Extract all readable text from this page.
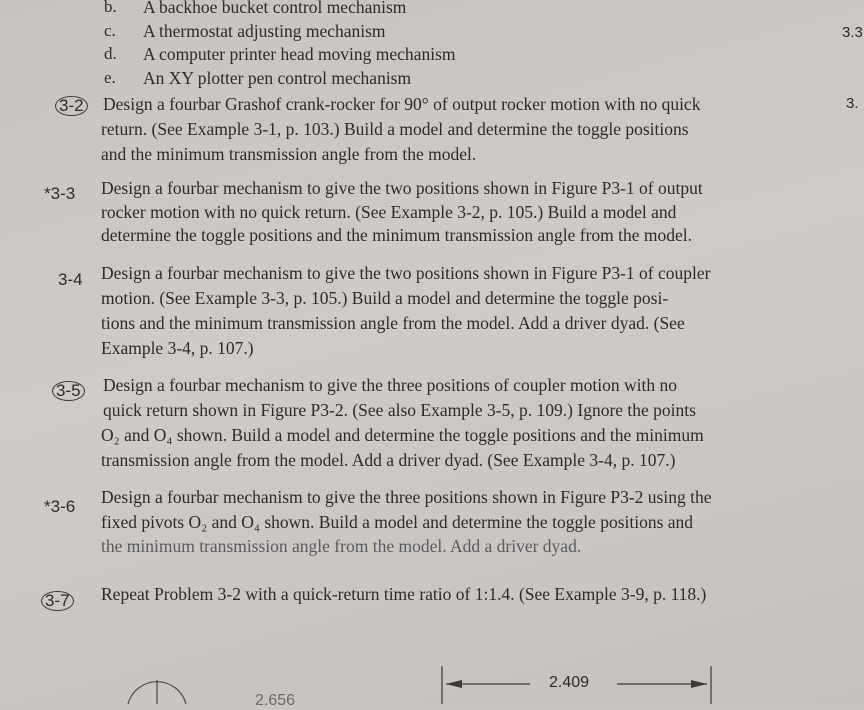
b. A backhoe bucket control mechanism
c. A thermostat adjusting mechanism
d. A computer printer head moving mechanism
e. An XY plotter pen control mechanism
3.3
3.
3-2 Design a fourbar Grashof crank-rocker for 90° of output rocker motion with no quick
return. (See Example 3-1, p. 103.) Build a model and determine the toggle positions
and the minimum transmission angle from the model.
*3-3 Design a fourbar mechanism to give the two positions shown in Figure P3-1 of output
rocker motion with no quick return. (See Example 3-2, p. 105.) Build a model and
determine the toggle positions and the minimum transmission angle from the model.
3-4 Design a fourbar mechanism to give the two positions shown in Figure P3-1 of coupler
motion. (See Example 3-3, p. 105.) Build a model and determine the toggle posi-
tions and the minimum transmission angle from the model. Add a driver dyad. (See
Example 3-4, p. 107.)
3-5 Design a fourbar mechanism to give the three positions of coupler motion with no
quick return shown in Figure P3-2. (See also Example 3-5, p. 109.) Ignore the points
O₂ and O₄ shown. Build a model and determine the toggle positions and the minimum
transmission angle from the model. Add a driver dyad. (See Example 3-4, p. 107.)
*3-6 Design a fourbar mechanism to give the three positions shown in Figure P3-2 using the
fixed pivots O₂ and O₄ shown. Build a model and determine the toggle positions and
the minimum transmission angle from the model. Add a driver dyad.
3-7 Repeat Problem 3-2 with a quick-return time ratio of 1:1.4. (See Example 3-9, p. 118.)
2.409
2.656
